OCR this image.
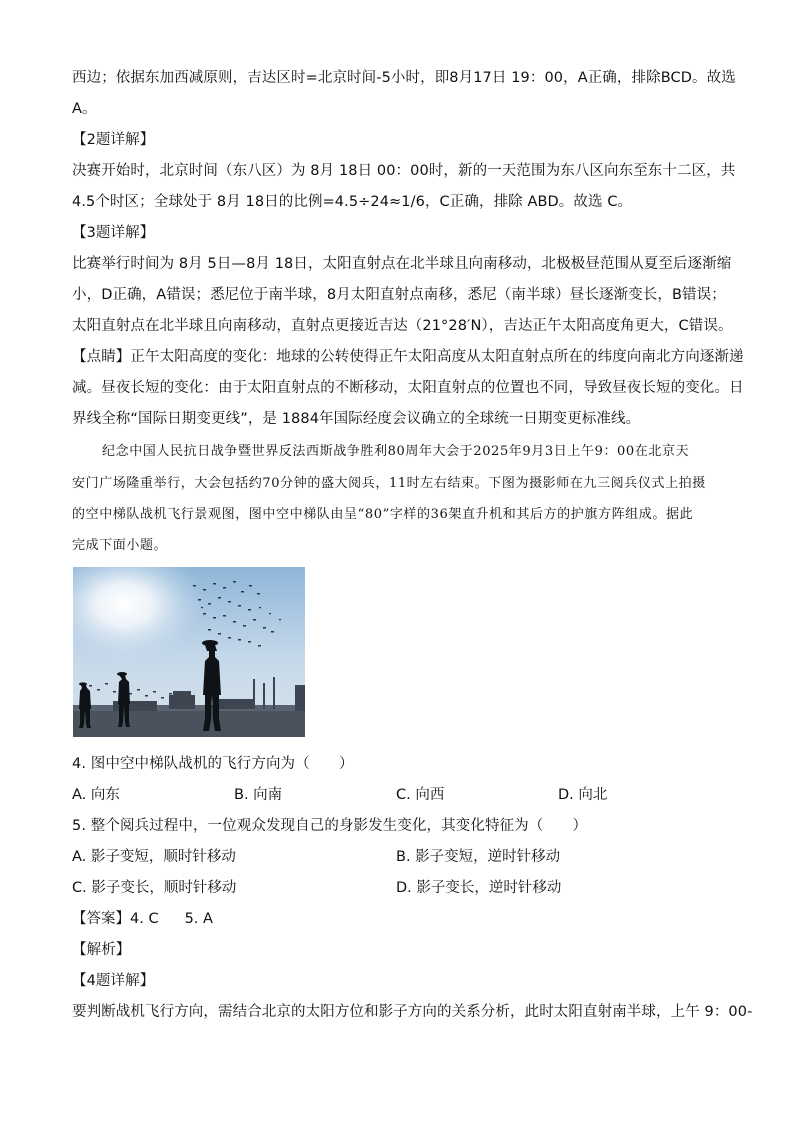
西边；依据东加西减原则，吉达区时=北京时间-5小时，即8月17日 19：00，A正确，排除BCD。故选
A。
【2题详解】
决赛开始时，北京时间（东八区）为 8月 18日 00：00时，新的一天范围为东八区向东至东十二区，共
4.5个时区；全球处于 8月 18日的比例=4.5÷24≈1/6，C正确，排除 ABD。故选 C。
【3题详解】
比赛举行时间为 8月 5日—8月 18日，太阳直射点在北半球且向南移动，北极极昼范围从夏至后逐渐缩
小，D正确，A错误；悉尼位于南半球，8月太阳直射点南移，悉尼（南半球）昼长逐渐变长，B错误；
太阳直射点在北半球且向南移动，直射点更接近吉达（21°28′N），吉达正午太阳高度角更大，C错误。
【点睛】正午太阳高度的变化：地球的公转使得正午太阳高度从太阳直射点所在的纬度向南北方向逐渐递
减。昼夜长短的变化：由于太阳直射点的不断移动，太阳直射点的位置也不同，导致昼夜长短的变化。日
界线全称“国际日期变更线”，是 1884年国际经度会议确立的全球统一日期变更标准线。
纪念中国人民抗日战争暨世界反法西斯战争胜利80周年大会于2025年9月3日上午9：00在北京天
安门广场隆重举行，大会包括约70分钟的盛大阅兵，11时左右结束。下图为摄影师在九三阅兵仪式上拍摄
的空中梯队战机飞行景观图，图中空中梯队由呈“80”字样的36架直升机和其后方的护旗方阵组成。据此
完成下面小题。
4. 图中空中梯队战机的飞行方向为（　　）
A. 向东	B. 向南	C. 向西	D. 向北
5. 整个阅兵过程中，一位观众发现自己的身影发生变化，其变化特征为（　　）
A. 影子变短，顺时针移动	B. 影子变短，逆时针移动
C. 影子变长，顺时针移动	D. 影子变长，逆时针移动
【答案】4. C 5. A
【解析】
【4题详解】
要判断战机飞行方向，需结合北京的太阳方位和影子方向的关系分析，此时太阳直射南半球，上午 9：00-
